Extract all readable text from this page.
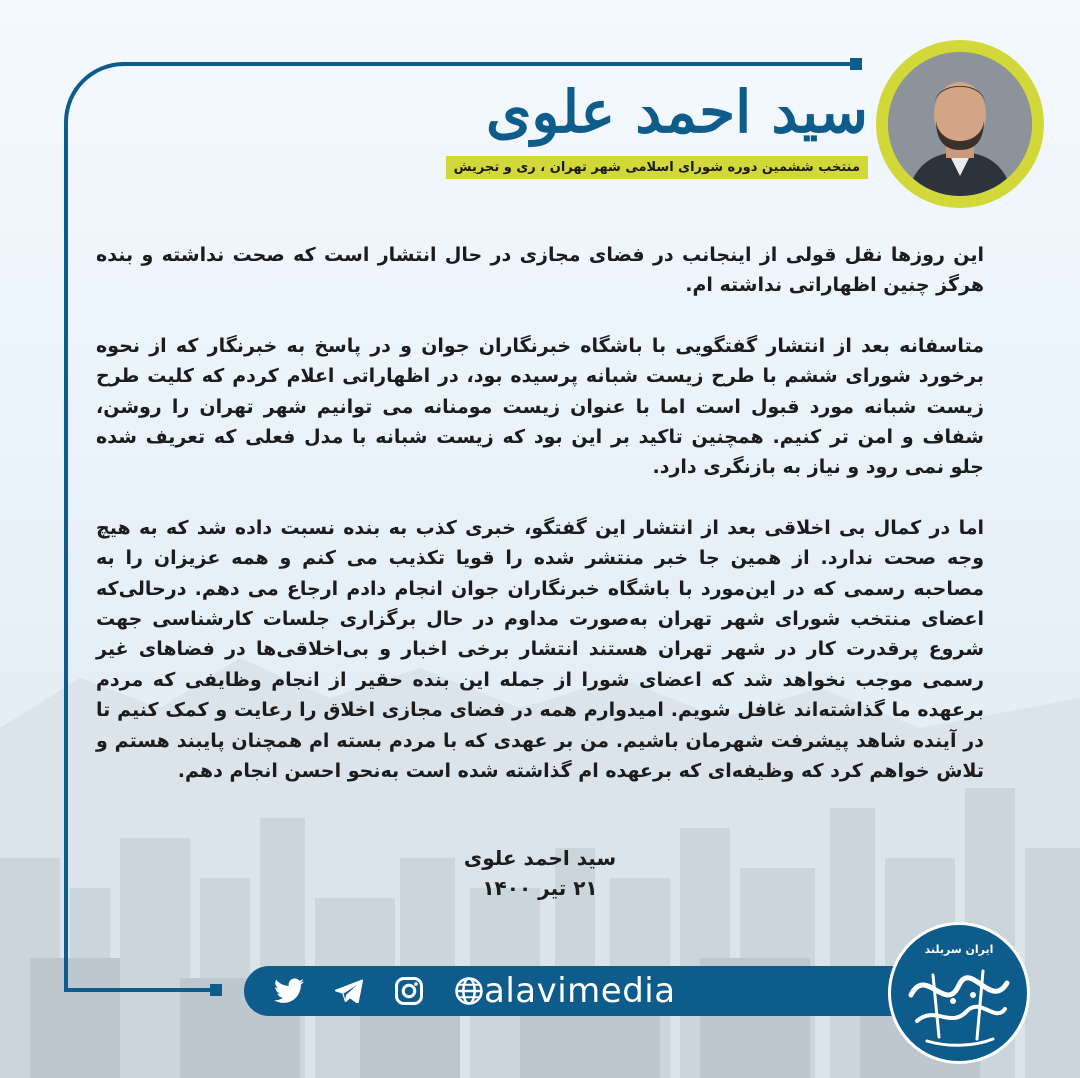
سید احمد علوی
منتخب ششمین دوره شورای اسلامی شهر تهران ، ری و تجریش

این روزها نقل قولی از اینجانب در فضای مجازی در حال انتشار است که صحت نداشته و بنده هرگز چنین اظهاراتی نداشته ام.

متاسفانه بعد از انتشار گفتگویی با باشگاه خبرنگاران جوان و در پاسخ به خبرنگار که از نحوه برخورد شورای ششم با طرح زیست شبانه پرسیده بود، در اظهاراتی اعلام کردم که کلیت طرح زیست شبانه مورد قبول است اما با عنوان زیست مومنانه می توانیم شهر تهران را روشن، شفاف و امن تر کنیم. همچنین تاکید بر این بود که زیست شبانه با مدل فعلی که تعریف شده جلو نمی رود و نیاز به بازنگری دارد.

اما در کمال بی اخلاقی بعد از انتشار این گفتگو، خبری کذب به بنده نسبت داده شد که به هیچ وجه صحت ندارد. از همین جا خبر منتشر شده را قویا تکذیب می کنم و همه عزیزان را به مصاحبه رسمی که در این‌مورد با باشگاه خبرنگاران جوان انجام دادم ارجاع می دهم. درحالی‌که اعضای منتخب شورای شهر تهران به‌صورت مداوم در حال برگزاری جلسات کارشناسی جهت شروع پرقدرت کار در شهر تهران هستند انتشار برخی اخبار و بی‌اخلاقی‌ها در فضاهای غیر رسمی موجب نخواهد شد که اعضای شورا از جمله این بنده حقیر از انجام وظایفی که مردم برعهده ما گذاشته‌اند غافل شویم. امیدوارم همه در فضای مجازی اخلاق را رعایت و کمک کنیم تا در آینده شاهد پیشرفت شهرمان باشیم. من بر عهدی که با مردم بسته ام همچنان پایبند هستم و تلاش خواهم کرد که وظیفه‌ای که برعهده ام گذاشته شده است به‌نحو احسن انجام دهم.

سید احمد علوی
۲۱ تیر ۱۴۰۰
alavimedia
ایران سربلند
